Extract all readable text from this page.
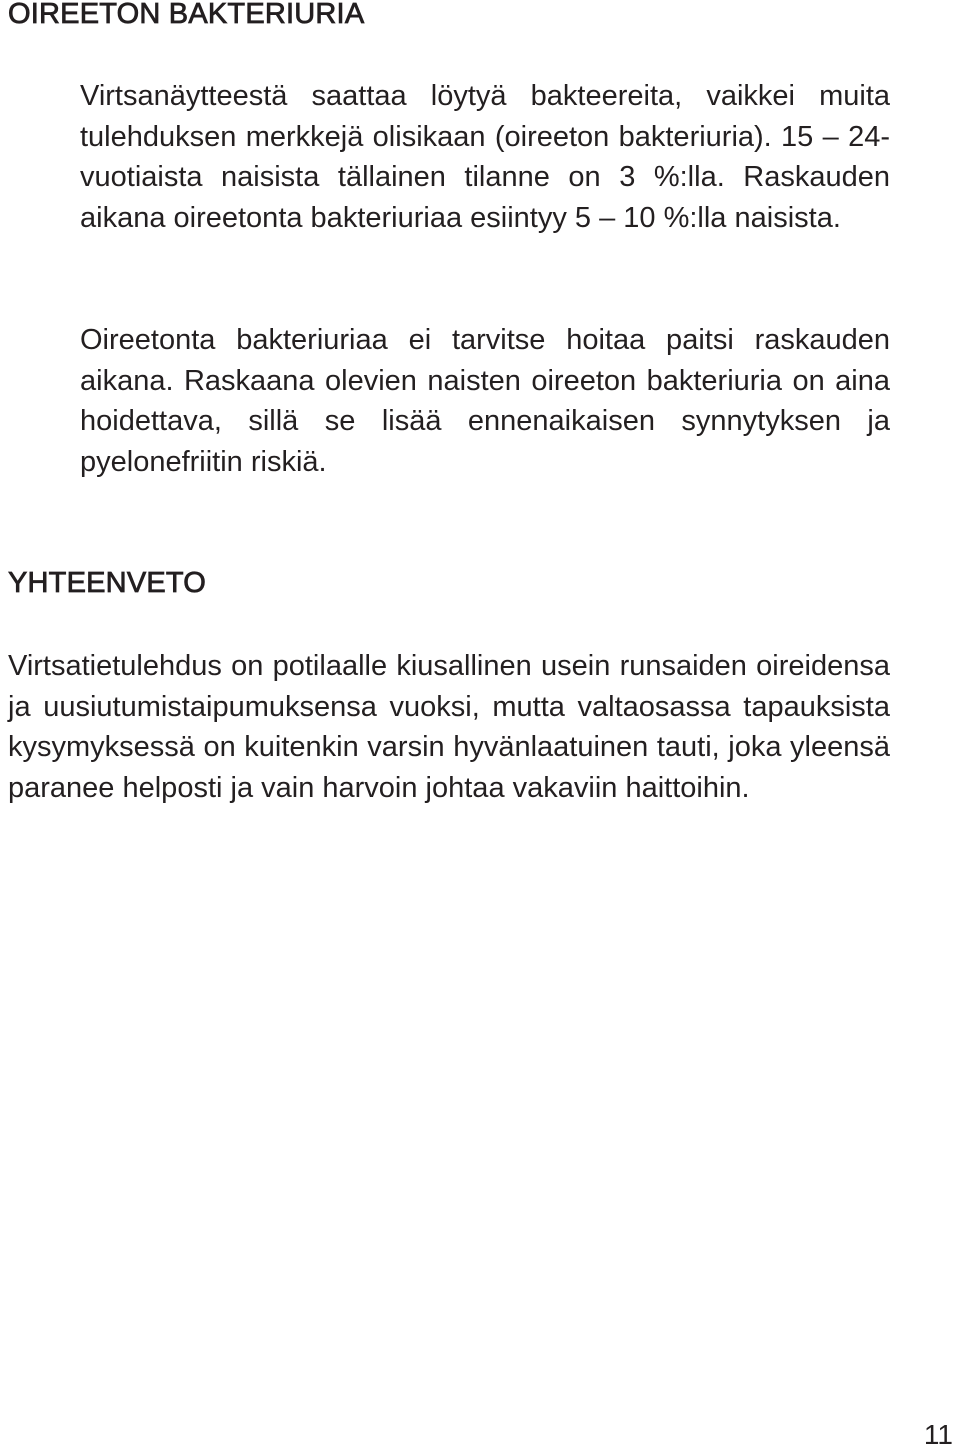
OIREETON BAKTERIURIA

Virtsanäytteestä saattaa löytyä bakteereita, vaikkei muita tulehduksen merkkejä olisikaan (oireeton bakteriuria). 15 – 24-vuotiaista naisista tällainen tilanne on 3 %:lla. Raskauden aikana oireetonta bakteriuriaa esiintyy 5 – 10 %:lla naisista.

Oireetonta bakteriuriaa ei tarvitse hoitaa paitsi raskauden aikana. Raskaana olevien naisten oireeton bakteriuria on aina hoidettava, sillä se lisää ennenaikaisen synnytyksen ja pyelonefriitin riskiä.

YHTEENVETO

Virtsatietulehdus on potilaalle kiusallinen usein runsaiden oireidensa ja uusiutumistaipumuksensa vuoksi, mutta valtaosassa tapauksista kysymyksessä on kuitenkin varsin hyvänlaatuinen tauti, joka yleensä paranee helposti ja vain harvoin johtaa vakaviin haittoihin.

11
